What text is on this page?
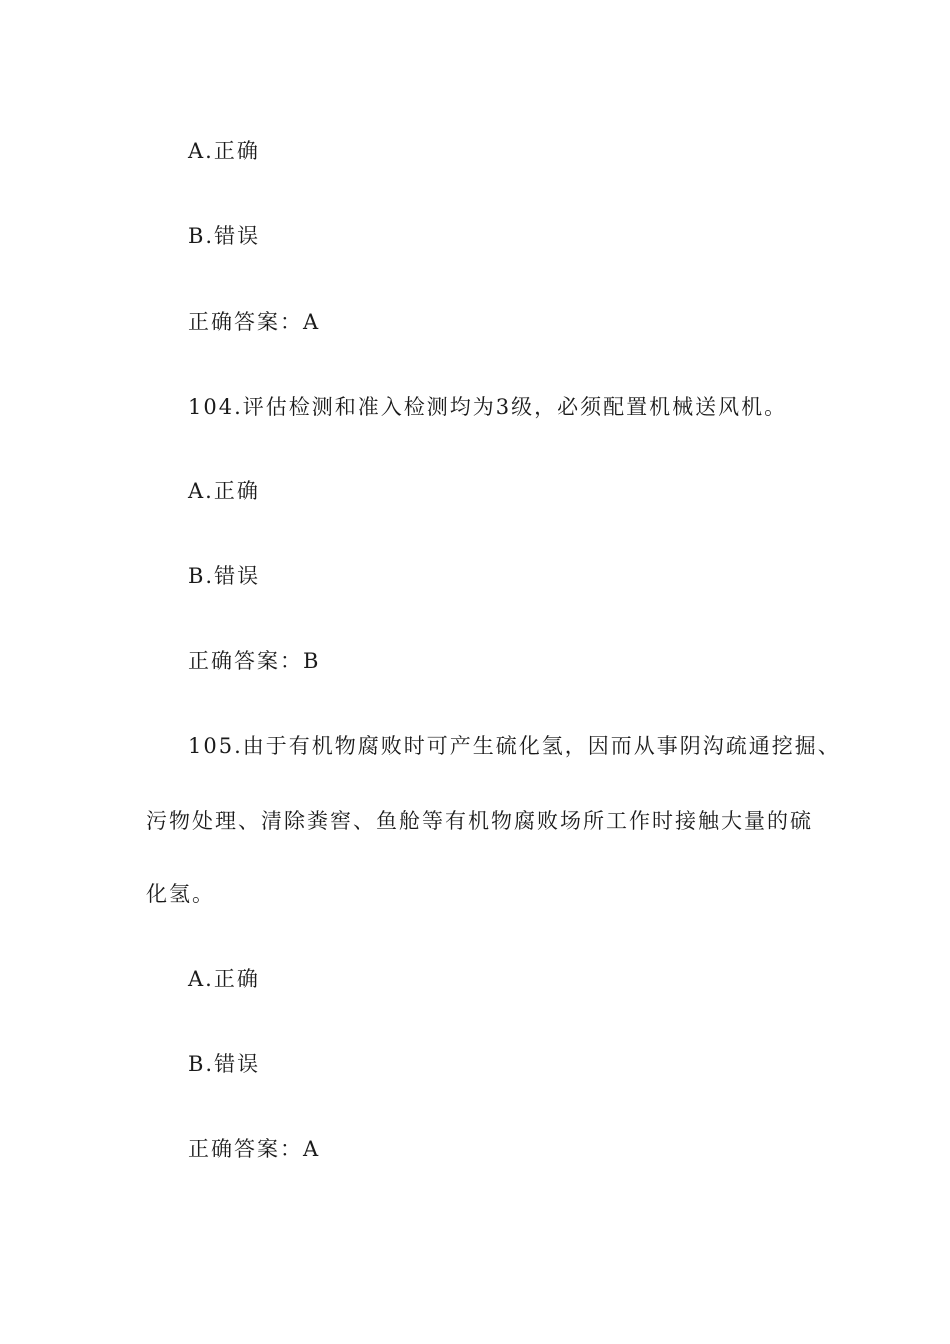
A.正确
B.错误
正确答案：A
104.评估检测和准入检测均为3级，必须配置机械送风机。
A.正确
B.错误
正确答案：B
105.由于有机物腐败时可产生硫化氢，因而从事阴沟疏通挖掘、
污物处理、清除粪窖、鱼舱等有机物腐败场所工作时接触大量的硫
化氢。
A.正确
B.错误
正确答案：A
